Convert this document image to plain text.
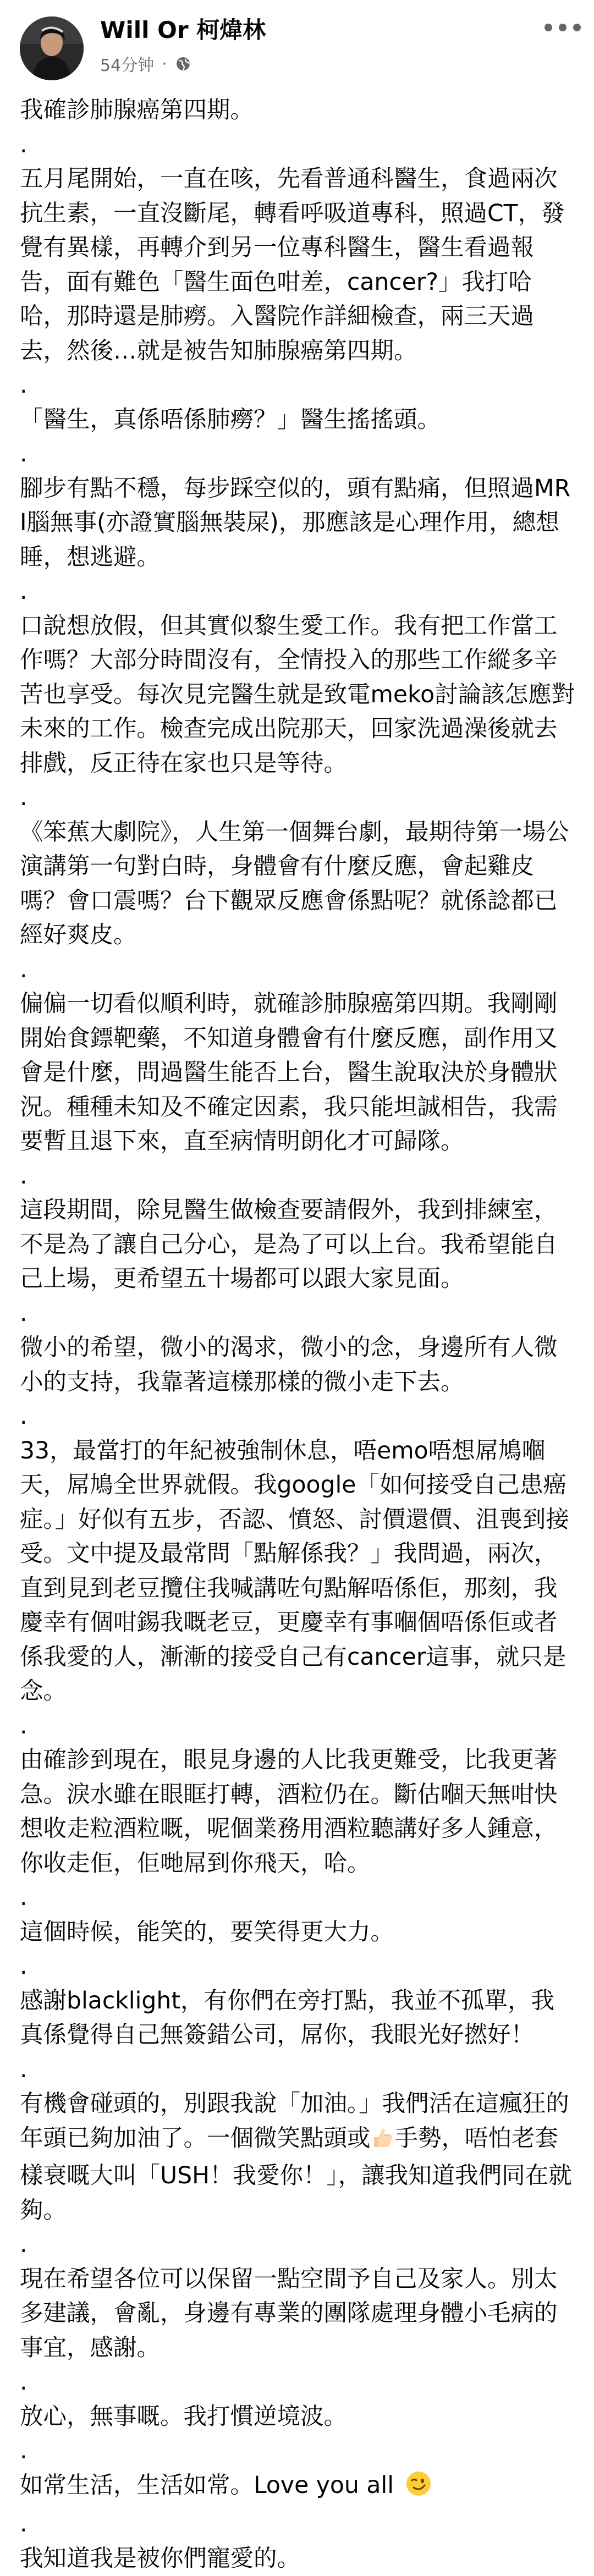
Will Or 柯煒林
54分钟 ·

我確診肺腺癌第四期。

.

五月尾開始，一直在咳，先看普通科醫生，食過兩次抗生素，一直沒斷尾，轉看呼吸道專科，照過CT，發覺有異樣，再轉介到另一位專科醫生，醫生看過報告，面有難色「醫生面色咁差，cancer?」我打哈哈，那時還是肺癆。入醫院作詳細檢查，兩三天過去，然後…就是被告知肺腺癌第四期。

.

「醫生，真係唔係肺癆？」醫生搖搖頭。

.

腳步有點不穩，每步踩空似的，頭有點痛，但照過MRI腦無事(亦證實腦無裝屎)，那應該是心理作用，總想睡，想逃避。

.

口說想放假，但其實似黎生愛工作。我有把工作當工作嗎？大部分時間沒有，全情投入的那些工作縱多辛苦也享受。每次見完醫生就是致電meko討論該怎應對未來的工作。檢查完成出院那天，回家洗過澡後就去排戲，反正待在家也只是等待。

.

《笨蕉大劇院》，人生第一個舞台劇，最期待第一場公演講第一句對白時，身體會有什麼反應，會起雞皮嗎？會口震嗎？台下觀眾反應會係點呢？就係諗都已經好爽皮。

.

偏偏一切看似順利時，就確診肺腺癌第四期。我剛剛開始食鏢靶藥，不知道身體會有什麼反應，副作用又會是什麼，問過醫生能否上台，醫生說取決於身體狀況。種種未知及不確定因素，我只能坦誠相告，我需要暫且退下來，直至病情明朗化才可歸隊。

.

這段期間，除見醫生做檢查要請假外，我到排練室，不是為了讓自己分心，是為了可以上台。我希望能自己上場，更希望五十場都可以跟大家見面。

.

微小的希望，微小的渴求，微小的念，身邊所有人微小的支持，我靠著這樣那樣的微小走下去。

.

33，最當打的年紀被強制休息，唔emo唔想屌鳩嗰天，屌鳩全世界就假。我google「如何接受自己患癌症。」好似有五步，否認、憤怒、討價還價、沮喪到接受。文中提及最常問「點解係我？」我問過，兩次，直到見到老豆攬住我喊講咗句點解唔係佢，那刻，我慶幸有個咁錫我嘅老豆，更慶幸有事嗰個唔係佢或者係我愛的人，漸漸的接受自己有cancer這事，就只是念。

.

由確診到現在，眼見身邊的人比我更難受，比我更著急。淚水雖在眼眶打轉，酒粒仍在。斷估嗰天無咁快想收走粒酒粒嘅，呢個業務用酒粒聽講好多人鍾意，你收走佢，佢哋屌到你飛天，哈。

.

這個時候，能笑的，要笑得更大力。

.

感謝blacklight，有你們在旁打點，我並不孤單，我真係覺得自己無簽錯公司，屌你，我眼光好撚好！

.

有機會碰頭的，別跟我說「加油。」我們活在這瘋狂的年頭已夠加油了。一個微笑點頭或 手勢，唔怕老套樣衰嘅大叫「USH！我愛你！」，讓我知道我們同在就夠。

.

現在希望各位可以保留一點空間予自己及家人。別太多建議，會亂，身邊有專業的團隊處理身體小毛病的事宜，感謝。

.

放心，無事嘅。我打慣逆境波。

.

如常生活，生活如常。Love you all

.

我知道我是被你們寵愛的。
